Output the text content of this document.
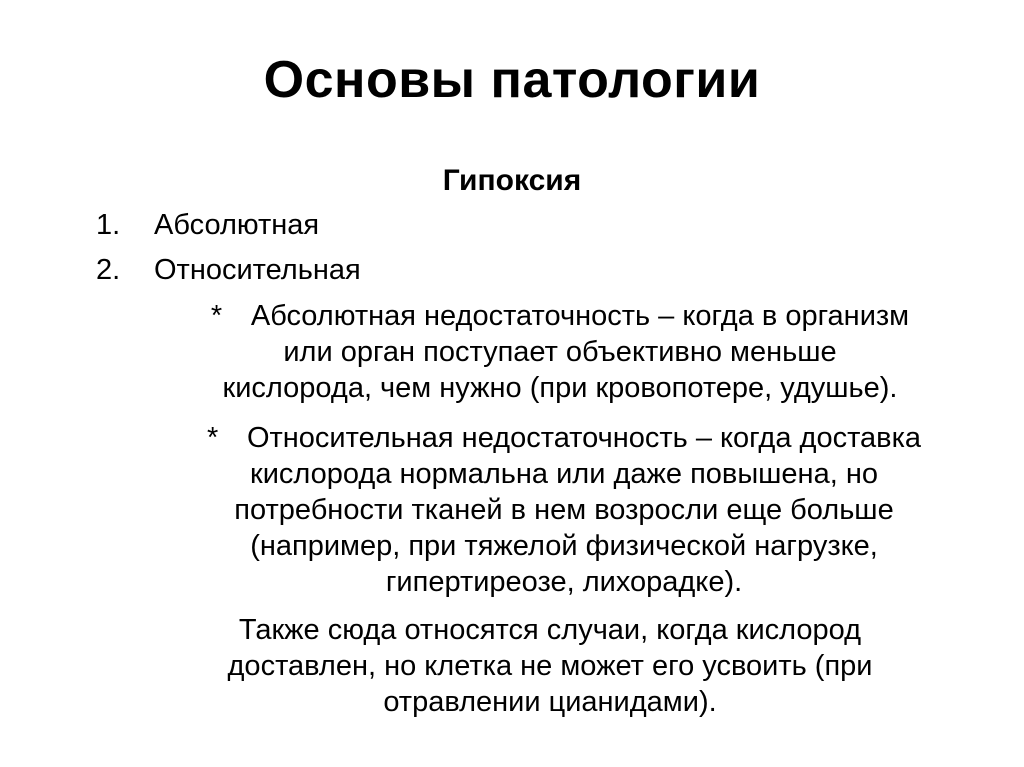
Основы патологии
Гипоксия
1. Абсолютная
2. Относительная
* Абсолютная недостаточность – когда в организм
или орган поступает объективно меньше
кислорода, чем нужно (при кровопотере, удушье).
* Относительная недостаточность – когда доставка
кислорода нормальна или даже повышена, но
потребности тканей в нем возросли еще больше
(например, при тяжелой физической нагрузке,
гипертиреозе, лихорадке).
Также сюда относятся случаи, когда кислород
доставлен, но клетка не может его усвоить (при
отравлении цианидами).
